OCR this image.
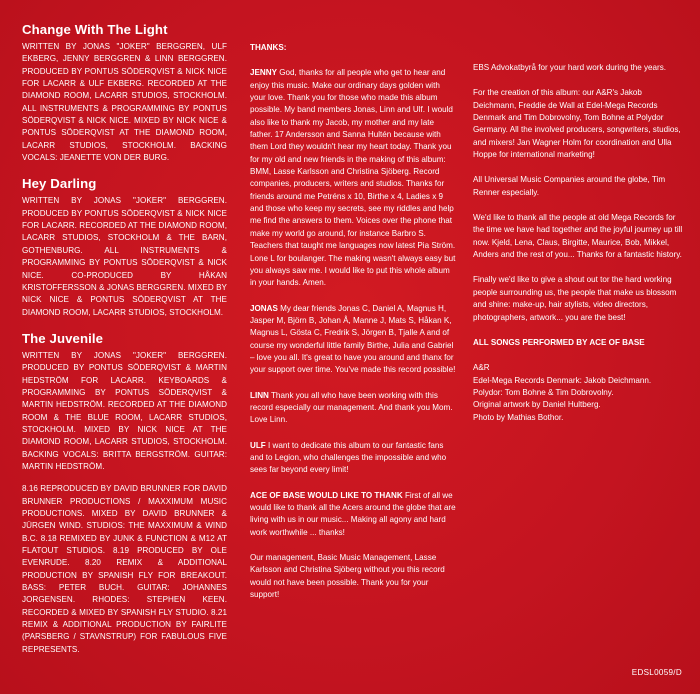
Change With The Light

WRITTEN BY JONAS "JOKER" BERGGREN, ULF EKBERG, JENNY BERGGREN & LINN BERGGREN. PRODUCED BY PONTUS SÖDERQVIST & NICK NICE FOR LACARR & ULF EKBERG. RECORDED AT THE DIAMOND ROOM, LACARR STUDIOS, STOCKHOLM. ALL INSTRUMENTS & PROGRAMMING BY PONTUS SÖDERQVIST & NICK NICE. MIXED BY NICK NICE & PONTUS SÖDERQVIST AT THE DIAMOND ROOM, LACARR STUDIOS, STOCKHOLM. BACKING VOCALS: JEANETTE VON DER BURG.

Hey Darling

WRITTEN BY JONAS "JOKER" BERGGREN. PRODUCED BY PONTUS SÖDERQVIST & NICK NICE FOR LACARR. RECORDED AT THE DIAMOND ROOM, LACARR STUDIOS, STOCKHOLM & THE BARN, GOTHENBURG. ALL INSTRUMENTS & PROGRAMMING BY PONTUS SÖDERQVIST & NICK NICE. CO-PRODUCED BY HÅKAN KRISTOFFERSSON & JONAS BERGGREN. MIXED BY NICK NICE & PONTUS SÖDERQVIST AT THE DIAMOND ROOM, LACARR STUDIOS, STOCKHOLM.

The Juvenile

WRITTEN BY JONAS "JOKER" BERGGREN. PRODUCED BY PONTUS SÖDERQVIST & MARTIN HEDSTRÖM FOR LACARR. KEYBOARDS & PROGRAMMING BY PONTUS SÖDERQVIST & MARTIN HEDSTRÖM. RECORDED AT THE DIAMOND ROOM & THE BLUE ROOM, LACARR STUDIOS, STOCKHOLM. MIXED BY NICK NICE AT THE DIAMOND ROOM, LACARR STUDIOS, STOCKHOLM. BACKING VOCALS: BRITTA BERGSTRÖM. GUITAR: MARTIN HEDSTRÖM.

8.16 REPRODUCED BY DAVID BRUNNER FOR DAVID BRUNNER PRODUCTIONS / MAXXIMUM MUSIC PRODUCTIONS. MIXED BY DAVID BRUNNER & JÜRGEN WIND. STUDIOS: THE MAXXIMUM & WIND B.C. 8.18 REMIXED BY JUNK & FUNCTION & M12 AT FLATOUT STUDIOS. 8.19 PRODUCED BY OLE EVENRUDE. 8.20 REMIX & ADDITIONAL PRODUCTION BY SPANISH FLY FOR BREAKOUT. BASS: PETER BUCH. GUITAR: JOHANNES JORGENSEN. RHODES: STEPHEN KEEN. RECORDED & MIXED BY SPANISH FLY STUDIO. 8.21 REMIX & ADDITIONAL PRODUCTION BY FAIRLITE (PARSBERG / STAVNSTRUP) FOR FABULOUS FIVE REPRESENTS.

THANKS:

JENNY God, thanks for all people who get to hear and enjoy this music. Make our ordinary days golden with your love. Thank you for those who made this album possible. My band members Jonas, Linn and Ulf. I would also like to thank my Jacob, my mother and my late father. 17 Andersson and Sanna Hultén because with them Lord they wouldn't hear my heart today. Thank you for my old and new friends in the making of this album: BMM, Lasse Karlsson and Christina Sjöberg. Record companies, producers, writers and studios. Thanks for friends around me Petréns x 10, Birthe x 4, Ladies x 9 and those who keep my secrets, see my riddles and help me find the answers to them. Voices over the phone that make my world go around, for instance Barbro S. Teachers that taught me languages now latest Pia Ström. Lone L for boulanger. The making wasn't always easy but you always saw me. I would like to put this whole album in your hands. Amen.

JONAS My dear friends Jonas C, Daniel A, Magnus H, Jasper M, Björn B, Johan Å, Manne J, Mats S, Håkan K, Magnus L, Gösta C, Fredrik S, Jörgen B, Tjalle A and of course my wonderful little family Birthe, Julia and Gabriel – love you all. It's great to have you around and thanx for your support over time. You've made this record possible!

LINN Thank you all who have been working with this record especially our management. And thank you Mom. Love Linn.

ULF I want to dedicate this album to our fantastic fans and to Legion, who challenges the impossible and who sees far beyond every limit!

ACE OF BASE WOULD LIKE TO THANK First of all we would like to thank all the Acers around the globe that are living with us in our music... Making all agony and hard work worthwhile ... thanks!

Our management, Basic Music Management, Lasse Karlsson and Christina Sjöberg without you this record would not have been possible. Thank you for your support!

EBS Advokatbyrå for your hard work during the years.

For the creation of this album: our A&R's Jakob Deichmann, Freddie de Wall at Edel-Mega Records Denmark and Tim Dobrovolny, Tom Bohne at Polydor Germany. All the involved producers, songwriters, studios, and mixers! Jan Wagner Holm for coordination and Ulla Hoppe for international marketing!

All Universal Music Companies around the globe, Tim Renner especially.

We'd like to thank all the people at old Mega Records for the time we have had together and the joyful journey up till now. Kjeld, Lena, Claus, Birgitte, Maurice, Bob, Mikkel, Anders and the rest of you... Thanks for a fantastic history.

Finally we'd like to give a shout out tor the hard working people surrounding us, the people that make us blossom and shine: make-up, hair stylists, video directors, photographers, artwork... you are the best!

ALL SONGS PERFORMED BY ACE OF BASE

A&R
Edel-Mega Records Denmark: Jakob Deichmann.
Polydor: Tom Bohne & Tim Dobrovolny.
Original artwork by Daniel Hultberg.
Photo by Mathias Bothor.

EDSL0059/D
